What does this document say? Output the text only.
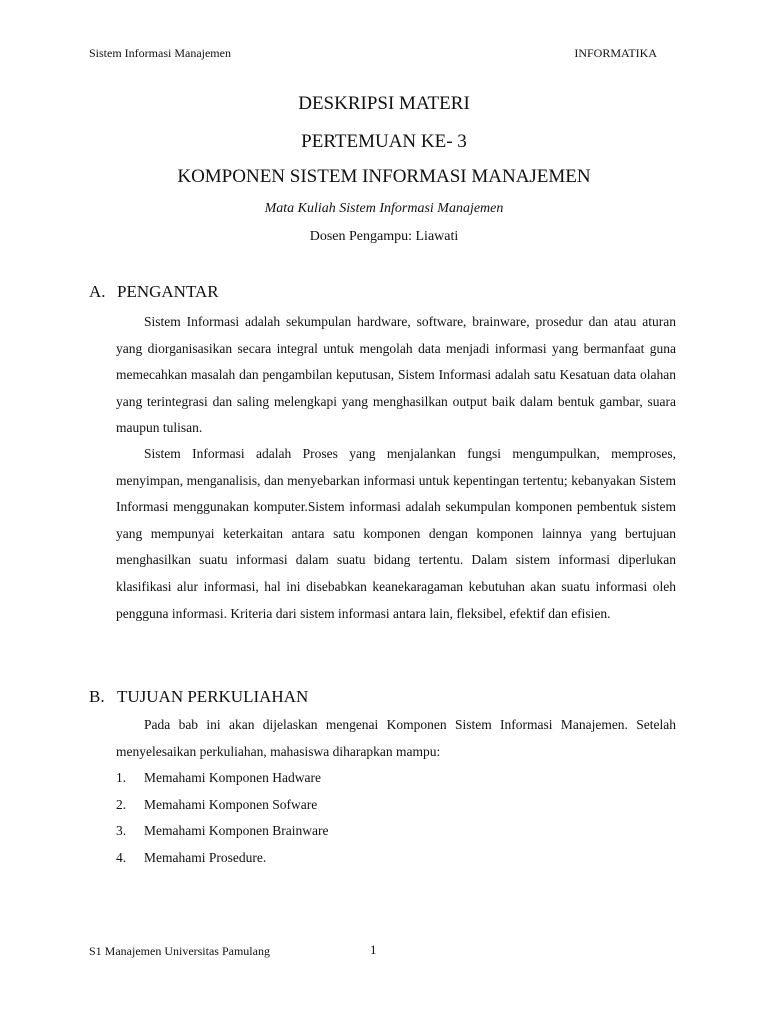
Sistem Informasi Manajemen	INFORMATIKA
DESKRIPSI MATERI
PERTEMUAN KE- 3
KOMPONEN SISTEM INFORMASI MANAJEMEN
Mata Kuliah Sistem Informasi Manajemen
Dosen Pengampu: Liawati
A. PENGANTAR

Sistem Informasi adalah sekumpulan hardware, software, brainware, prosedur dan atau aturan yang diorganisasikan secara integral untuk mengolah data menjadi informasi yang bermanfaat guna memecahkan masalah dan pengambilan keputusan, Sistem Informasi adalah satu Kesatuan data olahan yang terintegrasi dan saling melengkapi yang menghasilkan output baik dalam bentuk gambar, suara maupun tulisan.

Sistem Informasi adalah Proses yang menjalankan fungsi mengumpulkan, memproses, menyimpan, menganalisis, dan menyebarkan informasi untuk kepentingan tertentu; kebanyakan Sistem Informasi menggunakan komputer.Sistem informasi adalah sekumpulan komponen pembentuk sistem yang mempunyai keterkaitan antara satu komponen dengan komponen lainnya yang bertujuan menghasilkan suatu informasi dalam suatu bidang tertentu. Dalam sistem informasi diperlukan klasifikasi alur informasi, hal ini disebabkan keanekaragaman kebutuhan akan suatu informasi oleh pengguna informasi. Kriteria dari sistem informasi antara lain, fleksibel, efektif dan efisien.

B. TUJUAN PERKULIAHAN

Pada bab ini akan dijelaskan mengenai Komponen Sistem Informasi Manajemen. Setelah menyelesaikan perkuliahan, mahasiswa diharapkan mampu:

1. Memahami Komponen Hadware
2. Memahami Komponen Sofware
3. Memahami Komponen Brainware
4. Memahami Prosedure.
S1 Manajemen Universitas Pamulang	1
